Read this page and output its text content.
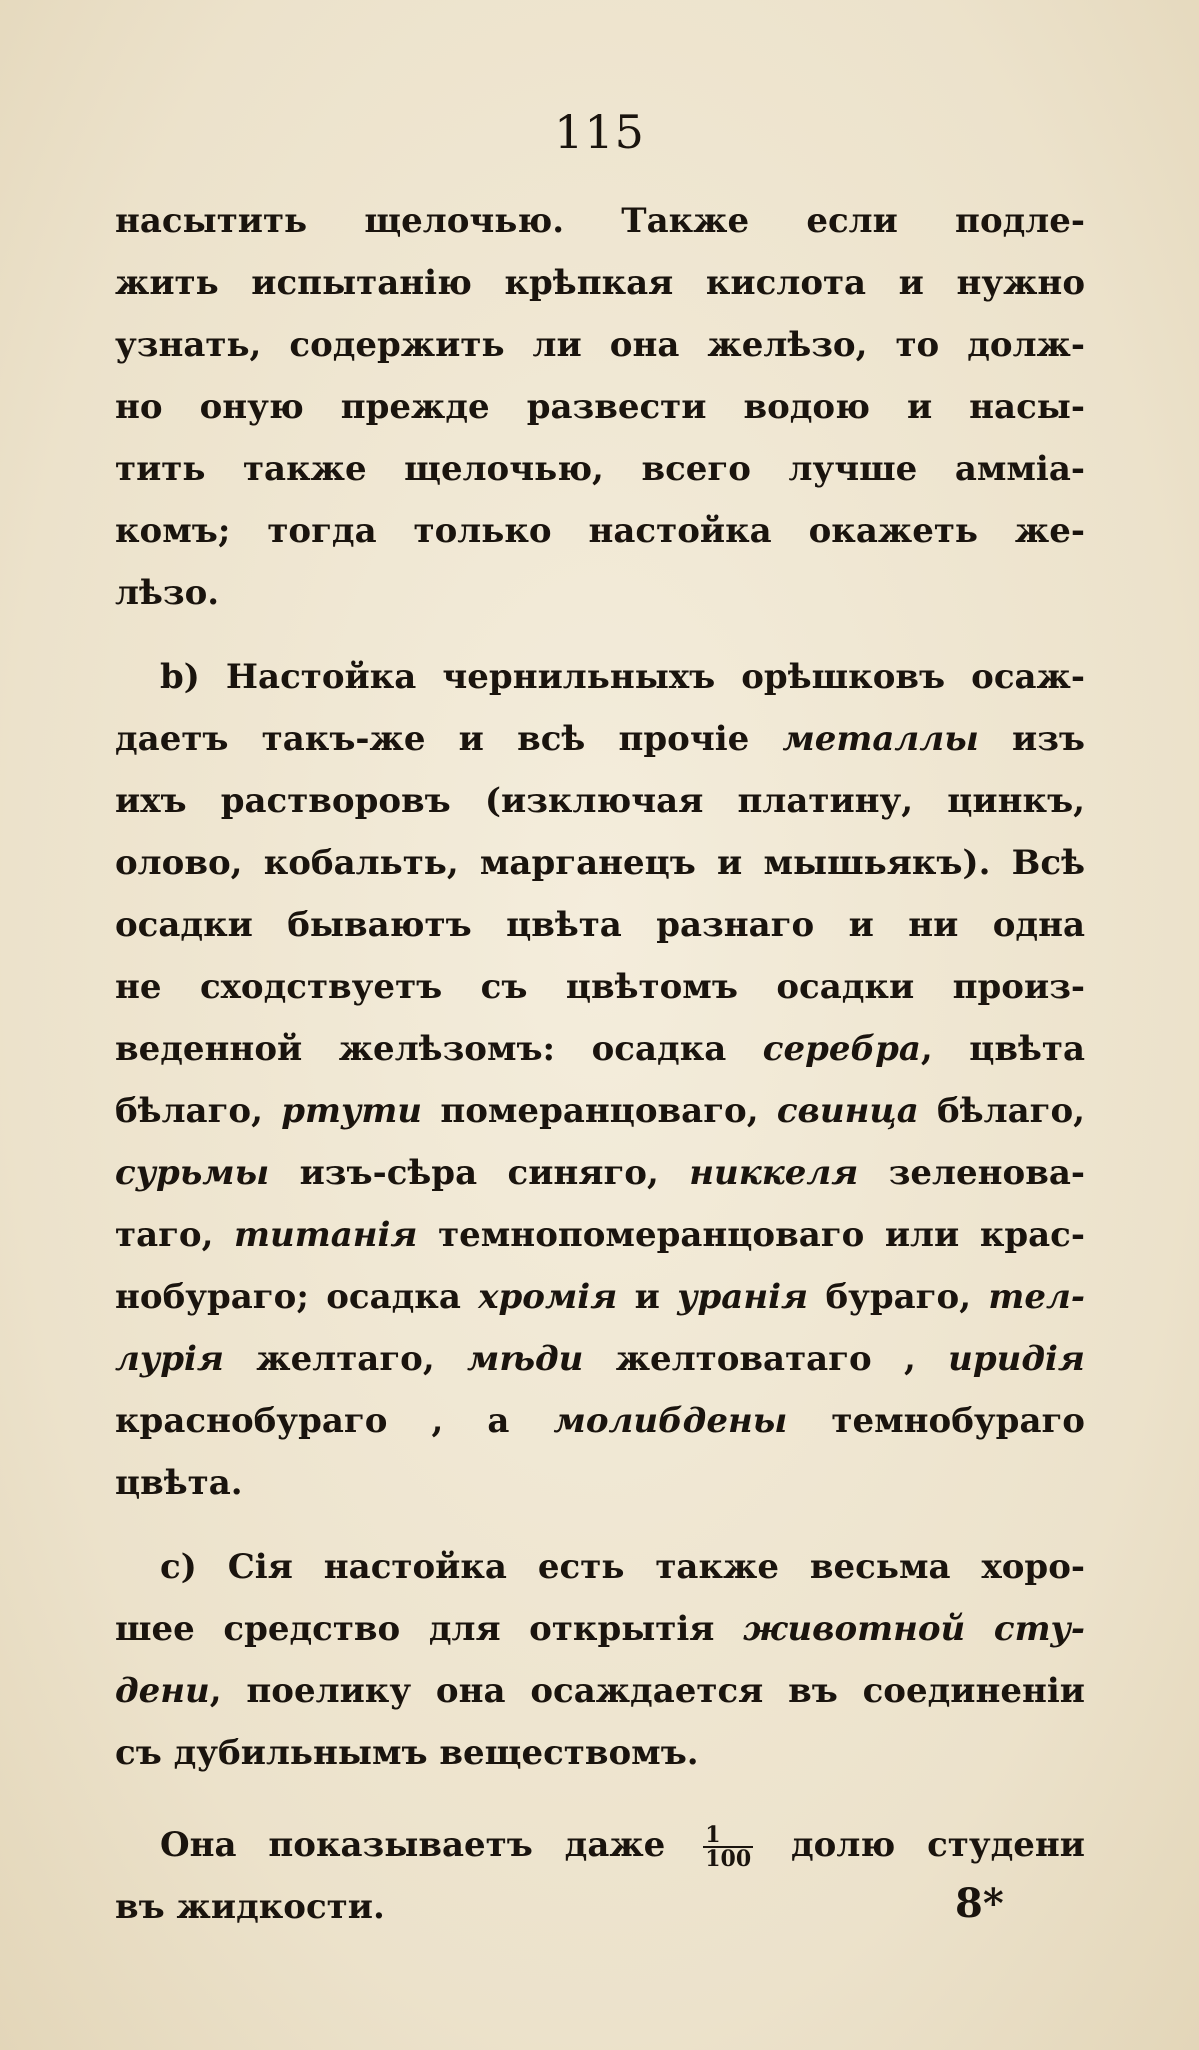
115

насытить щелочью. Также если подле-
жить испытанію крѣпкая кислота и нужно
узнать, содержить ли она желѣзо, то долж-
но оную прежде развести водою и насы-
тить также щелочью, всего лучше аммiа-
комъ; тогда только настойка окажеть же-
лѣзо.

b) Настойка чернильныхъ орѣшковъ осаж-
даетъ такъ-же и всѣ прочіе металлы изъ
ихъ растворовъ (изключая платину, цинкъ,
олово, кобальть, марганецъ и мышьякъ). Всѣ
осадки бываютъ цвѣта разнаго и ни одна
не сходствуетъ съ цвѣтомъ осадки произ-
веденной желѣзомъ: осадка серебра, цвѣта
бѣлаго, ртути померанцоваго, свинца бѣлаго,
сурьмы изъ-сѣра синяго, никкеля зеленова-
таго, титанія темнопомеранцоваго или крас-
нобураго; осадка хромія и уранія бураго, тел-
лурія желтаго, мѣди желтоватаго , иридія
краснобураго , а молибдены темнобураго
цвѣта.

c) Сія настойка есть также весьма хоро-
шее средство для открытія животной сту-
дени, поелику она осаждается въ соединеніи
съ дубильнымъ веществомъ.

Она показываетъ даже $\frac{1}{100}$ долю студени
въ жидкости.	8*
